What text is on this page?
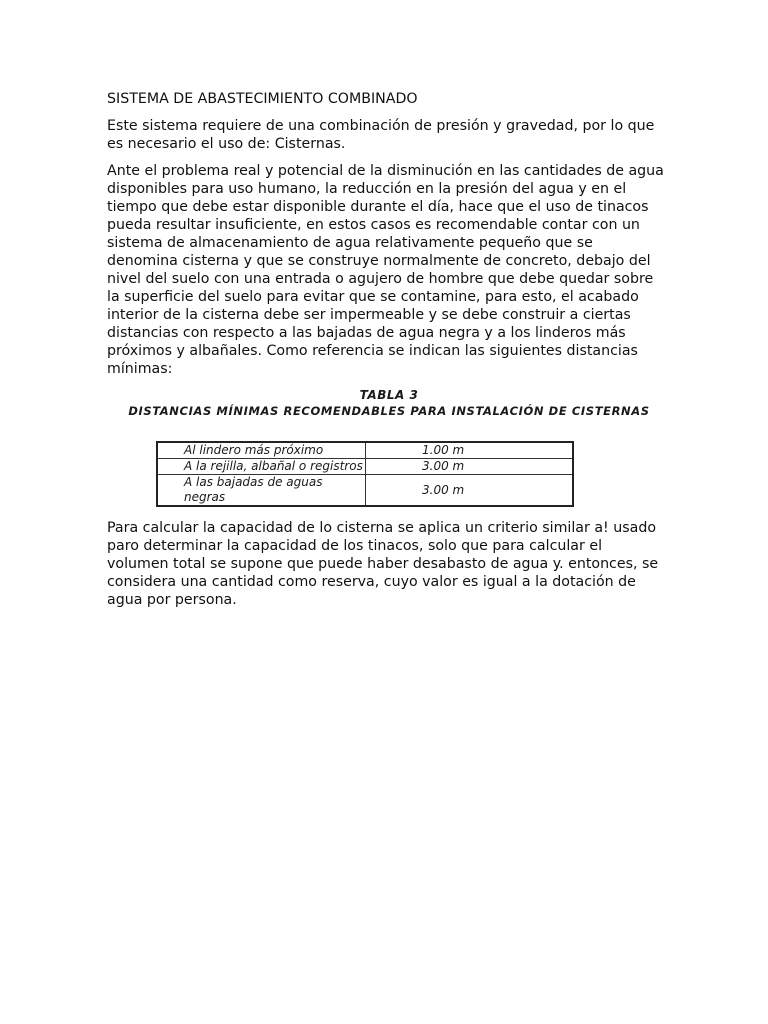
SISTEMA DE ABASTECIMIENTO COMBINADO

Este sistema requiere de una combinación de presión y gravedad, por lo que es necesario el uso de: Cisternas.

Ante el problema real y potencial de la disminución en las cantidades de agua disponibles para uso humano, la reducción en la presión del agua y en el tiempo que debe estar disponible durante el día, hace que el uso de tinacos pueda resultar insuficiente, en estos casos es recomendable contar con un sistema de almacenamiento de agua relativamente pequeño que se denomina cisterna y que se construye normalmente de concreto, debajo del nivel del suelo con una entrada o agujero de hombre que debe quedar sobre la superficie del suelo para evitar que se contamine, para esto, el acabado interior de la cisterna debe ser impermeable y se debe construir a ciertas distancias con respecto a las bajadas de agua negra y a los linderos más próximos y albañales. Como referencia se indican las siguientes distancias mínimas:

TABLA 3
DISTANCIAS MÍNIMAS RECOMENDABLES PARA INSTALACIÓN DE CISTERNAS
Al lindero más próximo	1.00 m
A la rejilla, albañal o registros	3.00 m
A las bajadas de aguas negras	3.00 m

Para calcular la capacidad de lo cisterna se aplica un criterio similar a! usado paro determinar la capacidad de los tinacos, solo que para calcular el volumen total se supone que puede haber desabasto de agua y. entonces, se considera una cantidad como reserva, cuyo valor es igual a la dotación de agua por persona.
